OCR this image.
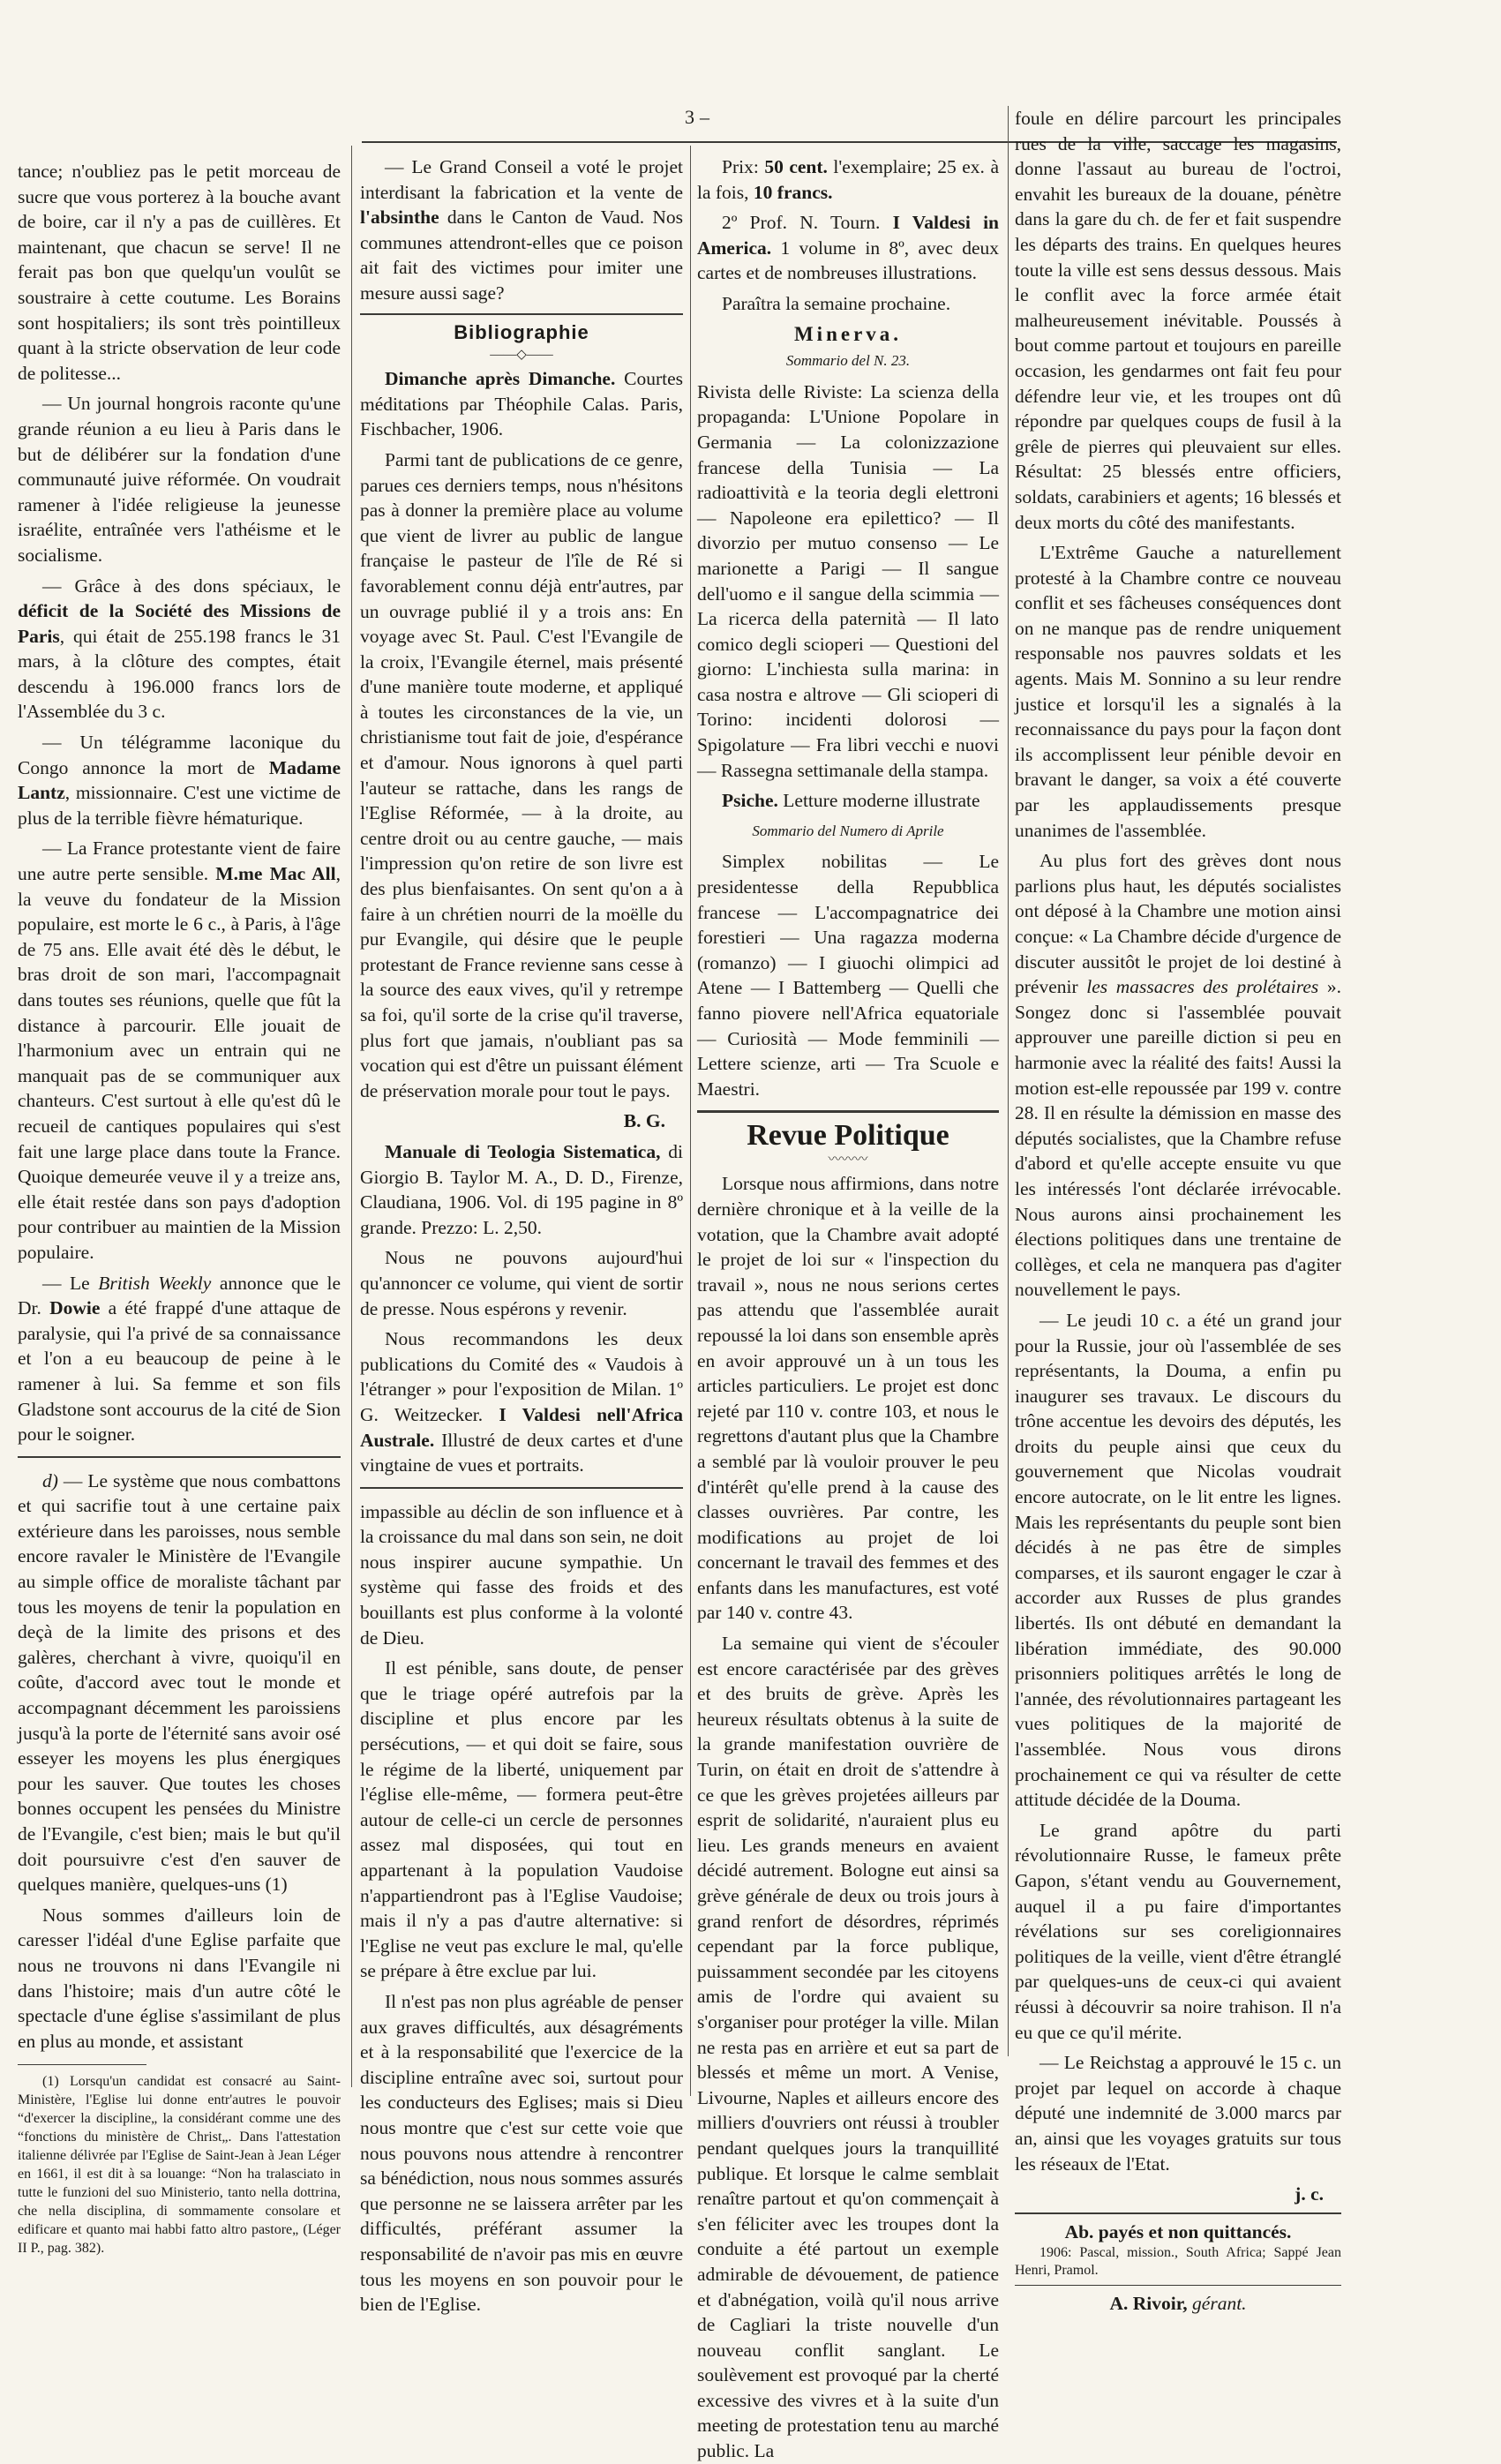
3 –

tance; n'oubliez pas le petit morceau de sucre que vous porterez à la bouche avant de boire, car il n'y a pas de cuillères. Et maintenant, que chacun se serve! Il ne ferait pas bon que quelqu'un voulût se soustraire à cette coutume. Les Borains sont hospitaliers; ils sont très pointilleux quant à la stricte observation de leur code de politesse...

— Un journal hongrois raconte qu'une grande réunion a eu lieu à Paris dans le but de délibérer sur la fondation d'une communauté juive réformée. On voudrait ramener à l'idée religieuse la jeunesse israélite, entraînée vers l'athéisme et le socialisme.

— Grâce à des dons spéciaux, le déficit de la Société des Missions de Paris, qui était de 255.198 francs le 31 mars, à la clôture des comptes, était descendu à 196.000 francs lors de l'Assemblée du 3 c.

— Un télégramme laconique du Congo annonce la mort de Madame Lantz, missionnaire. C'est une victime de plus de la terrible fièvre hématurique.

— La France protestante vient de faire une autre perte sensible. M.me Mac All, la veuve du fondateur de la Mission populaire, est morte le 6 c., à Paris, à l'âge de 75 ans. Elle avait été dès le début, le bras droit de son mari, l'accompagnait dans toutes ses réunions, quelle que fût la distance à parcourir. Elle jouait de l'harmonium avec un entrain qui ne manquait pas de se communiquer aux chanteurs. C'est surtout à elle qu'est dû le recueil de cantiques populaires qui s'est fait une large place dans toute la France. Quoique demeurée veuve il y a treize ans, elle était restée dans son pays d'adoption pour contribuer au maintien de la Mission populaire.

— Le British Weekly annonce que le Dr. Dowie a été frappé d'une attaque de paralysie, qui l'a privé de sa connaissance et l'on a eu beaucoup de peine à le ramener à lui. Sa femme et son fils Gladstone sont accourus de la cité de Sion pour le soigner.

d) — Le système que nous combattons et qui sacrifie tout à une certaine paix extérieure dans les paroisses, nous semble encore ravaler le Ministère de l'Evangile au simple office de moraliste tâchant par tous les moyens de tenir la population en deçà de la limite des prisons et des galères, cherchant à vivre, quoiqu'il en coûte, d'accord avec tout le monde et accompagnant décemment les paroissiens jusqu'à la porte de l'éternité sans avoir osé esseyer les moyens les plus énergiques pour les sauver. Que toutes les choses bonnes occupent les pensées du Ministre de l'Evangile, c'est bien; mais le but qu'il doit poursuivre c'est d'en sauver de quelques manière, quelques-uns (1)

Nous sommes d'ailleurs loin de caresser l'idéal d'une Eglise parfaite que nous ne trouvons ni dans l'Evangile ni dans l'histoire; mais d'un autre côté le spectacle d'une église s'assimilant de plus en plus au monde, et assistant

(1) Lorsqu'un candidat est consacré au Saint-Ministère, l'Eglise lui donne entr'autres le pouvoir “d'exercer la discipline„ la considérant comme une des “fonctions du ministère de Christ„. Dans l'attestation italienne délivrée par l'Eglise de Saint-Jean à Jean Léger en 1661, il est dit à sa louange: “Non ha tralasciato in tutte le funzioni del suo Ministerio, tanto nella dottrina, che nella disciplina, di sommamente consolare et edificare et quanto mai habbi fatto altro pastore„ (Léger II P., pag. 382).

— Le Grand Conseil a voté le projet interdisant la fabrication et la vente de l'absinthe dans le Canton de Vaud. Nos communes attendront-elles que ce poison ait fait des victimes pour imiter une mesure aussi sage?

Bibliographie
——◇——

Dimanche après Dimanche. Courtes méditations par Théophile Calas. Paris, Fischbacher, 1906.

Parmi tant de publications de ce genre, parues ces derniers temps, nous n'hésitons pas à donner la première place au volume que vient de livrer au public de langue française le pasteur de l'île de Ré si favorablement connu déjà entr'autres, par un ouvrage publié il y a trois ans: En voyage avec St. Paul. C'est l'Evangile de la croix, l'Evangile éternel, mais présenté d'une manière toute moderne, et appliqué à toutes les circonstances de la vie, un christianisme tout fait de joie, d'espérance et d'amour. Nous ignorons à quel parti l'auteur se rattache, dans les rangs de l'Eglise Réformée, — à la droite, au centre droit ou au centre gauche, — mais l'impression qu'on retire de son livre est des plus bienfaisantes. On sent qu'on a à faire à un chrétien nourri de la moëlle du pur Evangile, qui désire que le peuple protestant de France revienne sans cesse à la source des eaux vives, qu'il y retrempe sa foi, qu'il sorte de la crise qu'il traverse, plus fort que jamais, n'oubliant pas sa vocation qui est d'être un puissant élément de préservation morale pour tout le pays.

B. G.

Manuale di Teologia Sistematica, di Giorgio B. Taylor M. A., D. D., Firenze, Claudiana, 1906. Vol. di 195 pagine in 8º grande. Prezzo: L. 2,50.

Nous ne pouvons aujourd'hui qu'annoncer ce volume, qui vient de sortir de presse. Nous espérons y revenir.

Nous recommandons les deux publications du Comité des « Vaudois à l'étranger » pour l'exposition de Milan. 1º G. Weitzecker. I Valdesi nell'Africa Australe. Illustré de deux cartes et d'une vingtaine de vues et portraits.

impassible au déclin de son influence et à la croissance du mal dans son sein, ne doit nous inspirer aucune sympathie. Un système qui fasse des froids et des bouillants est plus conforme à la volonté de Dieu.

Il est pénible, sans doute, de penser que le triage opéré autrefois par la discipline et plus encore par les persécutions, — et qui doit se faire, sous le régime de la liberté, uniquement par l'église elle-même, — formera peut-être autour de celle-ci un cercle de personnes assez mal disposées, qui tout en appartenant à la population Vaudoise n'appartiendront pas à l'Eglise Vaudoise; mais il n'y a pas d'autre alternative: si l'Eglise ne veut pas exclure le mal, qu'elle se prépare à être exclue par lui.

Il n'est pas non plus agréable de penser aux graves difficultés, aux désagréments et à la responsabilité que l'exercice de la discipline entraîne avec soi, surtout pour les conducteurs des Eglises; mais si Dieu nous montre que c'est sur cette voie que nous pouvons nous attendre à rencontrer sa bénédiction, nous nous sommes assurés que personne ne se laissera arrêter par les difficultés, préférant assumer la responsabilité de n'avoir pas mis en œuvre tous les moyens en son pouvoir pour le bien de l'Eglise.

Prix: 50 cent. l'exemplaire; 25 ex. à la fois, 10 francs.

2º Prof. N. Tourn. I Valdesi in America. 1 volume in 8º, avec deux cartes et de nombreuses illustrations.

Paraîtra la semaine prochaine.

Minerva.
Sommario del N. 23.

Rivista delle Riviste: La scienza della propaganda: L'Unione Popolare in Germania — La colonizzazione francese della Tunisia — La radioattività e la teoria degli elettroni — Napoleone era epilettico? — Il divorzio per mutuo consenso — Le marionette a Parigi — Il sangue dell'uomo e il sangue della scimmia — La ricerca della paternità — Il lato comico degli scioperi — Questioni del giorno: L'inchiesta sulla marina: in casa nostra e altrove — Gli scioperi di Torino: incidenti dolorosi — Spigolature — Fra libri vecchi e nuovi — Rassegna settimanale della stampa.

Psiche. Letture moderne illustrate

Sommario del Numero di Aprile

Simplex nobilitas — Le presidentesse della Repubblica francese — L'accompagnatrice dei forestieri — Una ragazza moderna (romanzo) — I giuochi olimpici ad Atene — I Battemberg — Quelli che fanno piovere nell'Africa equatoriale — Curiosità — Mode femminili — Lettere scienze, arti — Tra Scuole e Maestri.

Revue Politique
〰〰〰

Lorsque nous affirmions, dans notre dernière chronique et à la veille de la votation, que la Chambre avait adopté le projet de loi sur « l'inspection du travail », nous ne nous serions certes pas attendu que l'assemblée aurait repoussé la loi dans son ensemble après en avoir approuvé un à un tous les articles particuliers. Le projet est donc rejeté par 110 v. contre 103, et nous le regrettons d'autant plus que la Chambre a semblé par là vouloir prouver le peu d'intérêt qu'elle prend à la cause des classes ouvrières. Par contre, les modifications au projet de loi concernant le travail des femmes et des enfants dans les manufactures, est voté par 140 v. contre 43.

La semaine qui vient de s'écouler est encore caractérisée par des grèves et des bruits de grève. Après les heureux résultats obtenus à la suite de la grande manifestation ouvrière de Turin, on était en droit de s'attendre à ce que les grèves projetées ailleurs par esprit de solidarité, n'auraient plus eu lieu. Les grands meneurs en avaient décidé autrement. Bologne eut ainsi sa grève générale de deux ou trois jours à grand renfort de désordres, réprimés cependant par la force publique, puissamment secondée par les citoyens amis de l'ordre qui avaient su s'organiser pour protéger la ville. Milan ne resta pas en arrière et eut sa part de blessés et même un mort. A Venise, Livourne, Naples et ailleurs encore des milliers d'ouvriers ont réussi à troubler pendant quelques jours la tranquillité publique. Et lorsque le calme semblait renaître partout et qu'on commençait à s'en féliciter avec les troupes dont la conduite a été partout un exemple admirable de dévouement, de patience et d'abnégation, voilà qu'il nous arrive de Cagliari la triste nouvelle d'un nouveau conflit sanglant. Le soulèvement est provoqué par la cherté excessive des vivres et à la suite d'un meeting de protestation tenu au marché public. La

foule en délire parcourt les principales rues de la ville, saccage les magasins, donne l'assaut au bureau de l'octroi, envahit les bureaux de la douane, pénètre dans la gare du ch. de fer et fait suspendre les départs des trains. En quelques heures toute la ville est sens dessus dessous. Mais le conflit avec la force armée était malheureusement inévitable. Poussés à bout comme partout et toujours en pareille occasion, les gendarmes ont fait feu pour défendre leur vie, et les troupes ont dû répondre par quelques coups de fusil à la grêle de pierres qui pleuvaient sur elles. Résultat: 25 blessés entre officiers, soldats, carabiniers et agents; 16 blessés et deux morts du côté des manifestants.

L'Extrême Gauche a naturellement protesté à la Chambre contre ce nouveau conflit et ses fâcheuses conséquences dont on ne manque pas de rendre uniquement responsable nos pauvres soldats et les agents. Mais M. Sonnino a su leur rendre justice et lorsqu'il les a signalés à la reconnaissance du pays pour la façon dont ils accomplissent leur pénible devoir en bravant le danger, sa voix a été couverte par les applaudissements presque unanimes de l'assemblée.

Au plus fort des grèves dont nous parlions plus haut, les députés socialistes ont déposé à la Chambre une motion ainsi conçue: « La Chambre décide d'urgence de discuter aussitôt le projet de loi destiné à prévenir les massacres des prolétaires ». Songez donc si l'assemblée pouvait approuver une pareille diction si peu en harmonie avec la réalité des faits! Aussi la motion est-elle repoussée par 199 v. contre 28. Il en résulte la démission en masse des députés socialistes, que la Chambre refuse d'abord et qu'elle accepte ensuite vu que les intéressés l'ont déclarée irrévocable. Nous aurons ainsi prochainement les élections politiques dans une trentaine de collèges, et cela ne manquera pas d'agiter nouvellement le pays.

— Le jeudi 10 c. a été un grand jour pour la Russie, jour où l'assemblée de ses représentants, la Douma, a enfin pu inaugurer ses travaux. Le discours du trône accentue les devoirs des députés, les droits du peuple ainsi que ceux du gouvernement que Nicolas voudrait encore autocrate, on le lit entre les lignes. Mais les représentants du peuple sont bien décidés à ne pas être de simples comparses, et ils sauront engager le czar à accorder aux Russes de plus grandes libertés. Ils ont débuté en demandant la libération immédiate, des 90.000 prisonniers politiques arrêtés le long de l'année, des révolutionnaires partageant les vues politiques de la majorité de l'assemblée. Nous vous dirons prochainement ce qui va résulter de cette attitude décidée de la Douma.

Le grand apôtre du parti révolutionnaire Russe, le fameux prête Gapon, s'étant vendu au Gouvernement, auquel il a pu faire d'importantes révélations sur ses coreligionnaires politiques de la veille, vient d'être étranglé par quelques-uns de ceux-ci qui avaient réussi à découvrir sa noire trahison. Il n'a eu que ce qu'il mérite.

— Le Reichstag a approuvé le 15 c. un projet par lequel on accorde à chaque député une indemnité de 3.000 marcs par an, ainsi que les voyages gratuits sur tous les réseaux de l'Etat.

j. c.

Ab. payés et non quittancés.

1906: Pascal, mission., South Africa; Sappé Jean Henri, Pramol.

A. Rivoir, gérant.
